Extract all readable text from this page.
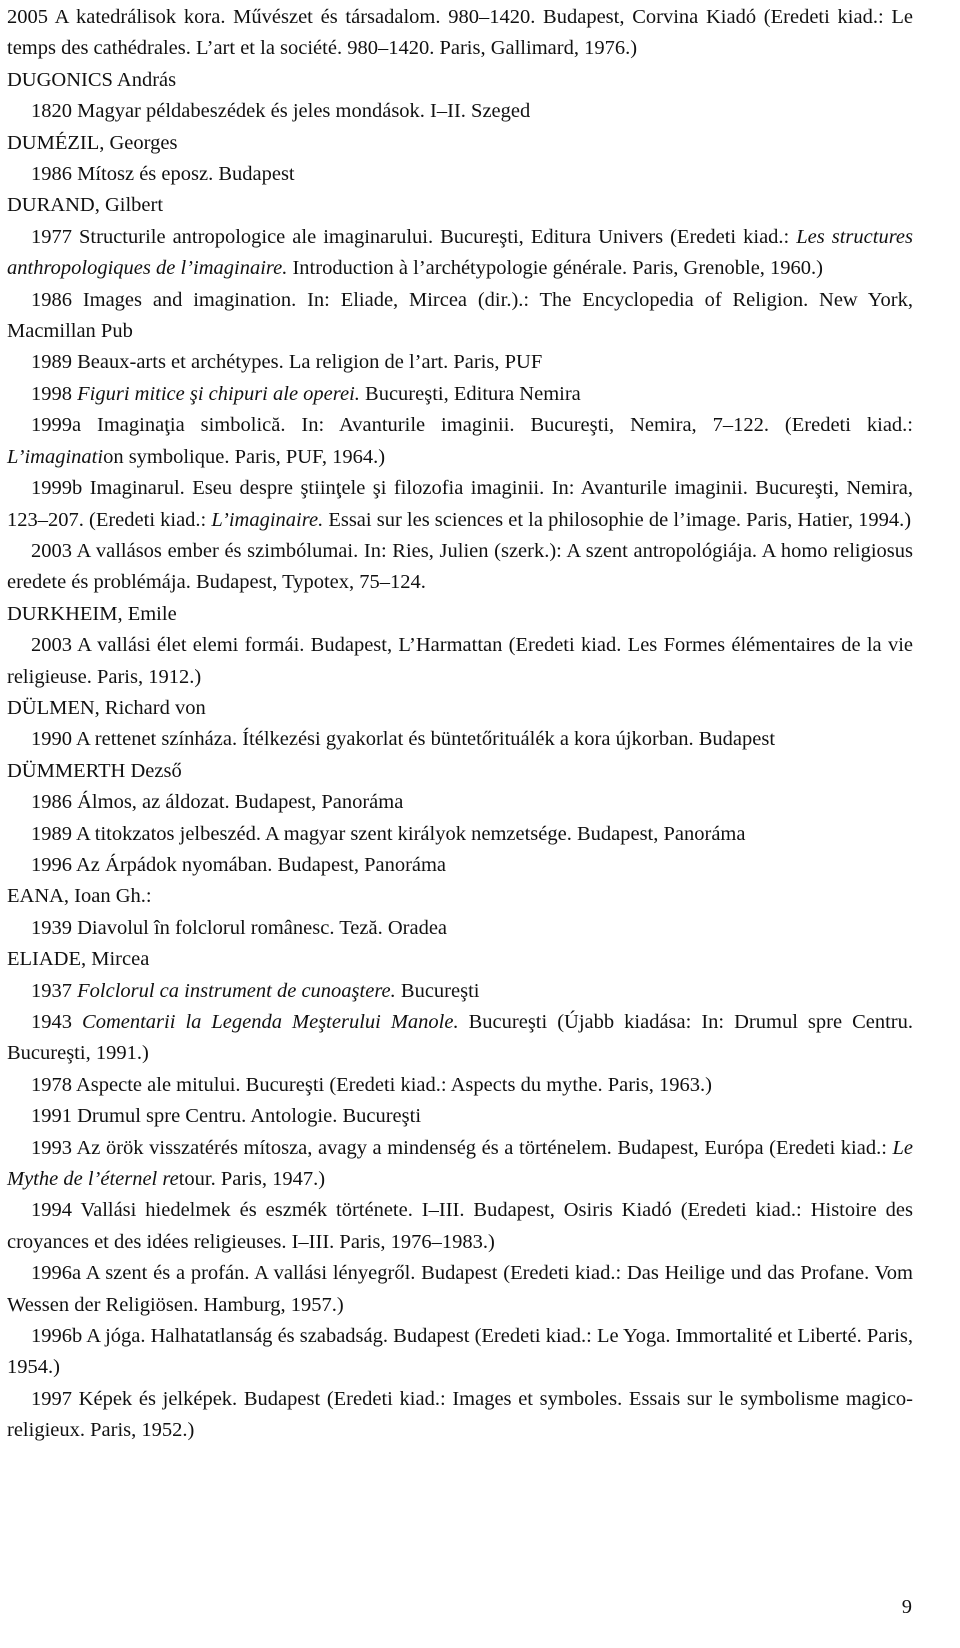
2005 A katedrálisok kora. Művészet és társadalom. 980–1420. Budapest, Corvina Kiadó (Eredeti kiad.: Le temps des cathédrales. L’art et la société. 980–1420. Paris, Gallimard, 1976.)

DUGONICS András

1820 Magyar példabeszédek és jeles mondások. I–II. Szeged

DUMÉZIL, Georges

1986 Mítosz és eposz. Budapest

DURAND, Gilbert

1977 Structurile antropologice ale imaginarului. Bucureşti, Editura Univers (Eredeti kiad.: Les structures anthropologiques de l’imaginaire. Introduction à l’archétypologie générale. Paris, Grenoble, 1960.)

1986 Images and imagination. In: Eliade, Mircea (dir.).: The Encyclopedia of Religion. New York, Macmillan Pub

1989 Beaux-arts et archétypes. La religion de l’art. Paris, PUF

1998 Figuri mitice şi chipuri ale operei. Bucureşti, Editura Nemira

1999a Imaginaţia simbolică. In: Avanturile imaginii. Bucureşti, Nemira, 7–122. (Eredeti kiad.: L’imagination symbolique. Paris, PUF, 1964.)

1999b Imaginarul. Eseu despre ştiinţele şi filozofia imaginii. In: Avanturile imaginii. Bucureşti, Nemira, 123–207. (Eredeti kiad.: L’imaginaire. Essai sur les sciences et la philosophie de l’image. Paris, Hatier, 1994.)

2003 A vallásos ember és szimbólumai. In: Ries, Julien (szerk.): A szent antropológiája. A homo religiosus eredete és problémája. Budapest, Typotex, 75–124.

DURKHEIM, Emile

2003 A vallási élet elemi formái. Budapest, L’Harmattan (Eredeti kiad. Les Formes élémentaires de la vie religieuse. Paris, 1912.)

DÜLMEN, Richard von

1990 A rettenet színháza. Ítélkezési gyakorlat és büntetőrituálék a kora újkorban. Budapest

DÜMMERTH Dezső

1986 Álmos, az áldozat. Budapest, Panoráma

1989 A titokzatos jelbeszéd. A magyar szent királyok nemzetsége. Budapest, Panoráma

1996 Az Árpádok nyomában. Budapest, Panoráma

EANA, Ioan Gh.:

1939 Diavolul în folclorul românesc. Teză. Oradea

ELIADE, Mircea

1937 Folclorul ca instrument de cunoaştere. Bucureşti

1943 Comentarii la Legenda Meşterului Manole. Bucureşti (Újabb kiadása: In: Drumul spre Centru. Bucureşti, 1991.)

1978 Aspecte ale mitului. Bucureşti (Eredeti kiad.: Aspects du mythe. Paris, 1963.)

1991 Drumul spre Centru. Antologie. Bucureşti

1993 Az örök visszatérés mítosza, avagy a mindenség és a történelem. Budapest, Európa (Eredeti kiad.: Le Mythe de l’éternel retour. Paris, 1947.)

1994 Vallási hiedelmek és eszmék története. I–III. Budapest, Osiris Kiadó (Eredeti kiad.: Histoire des croyances et des idées religieuses. I–III. Paris, 1976–1983.)

1996a A szent és a profán. A vallási lényegről. Budapest (Eredeti kiad.: Das Heilige und das Profane. Vom Wessen der Religiösen. Hamburg, 1957.)

1996b A jóga. Halhatatlanság és szabadság. Budapest (Eredeti kiad.: Le Yoga. Immortalité et Liberté. Paris, 1954.)

1997 Képek és jelképek. Budapest (Eredeti kiad.: Images et symboles. Essais sur le symbolisme magico-religieux. Paris, 1952.)

9
